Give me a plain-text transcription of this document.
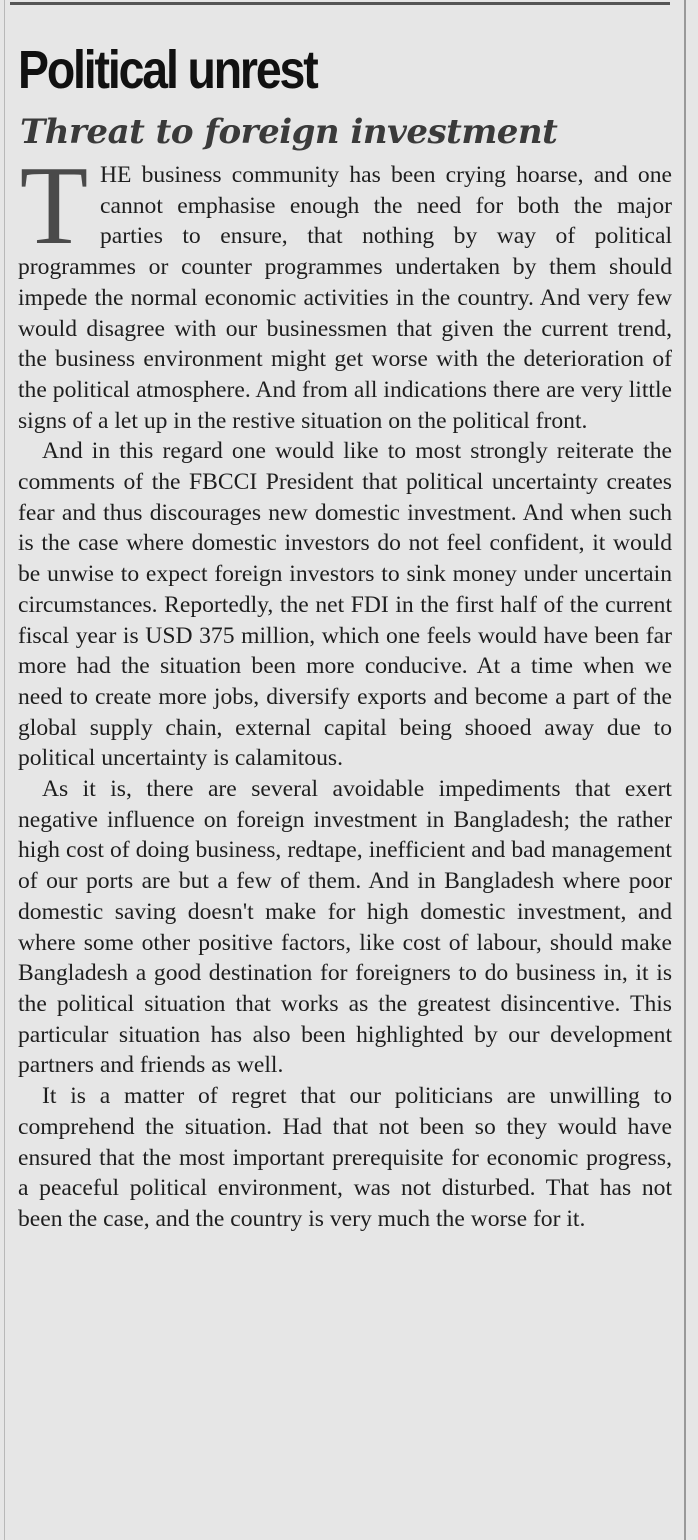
Political unrest
Threat to foreign investment

THE business community has been crying hoarse, and one cannot emphasise enough the need for both the major parties to ensure, that nothing by way of political programmes or counter programmes undertaken by them should impede the normal economic activities in the country. And very few would disagree with our businessmen that given the current trend, the business environment might get worse with the deterioration of the political atmosphere. And from all indications there are very little signs of a let up in the restive situation on the political front.

And in this regard one would like to most strongly reiterate the comments of the FBCCI President that political uncertainty creates fear and thus discourages new domestic investment. And when such is the case where domestic investors do not feel confident, it would be unwise to expect foreign investors to sink money under uncertain circumstances. Reportedly, the net FDI in the first half of the current fiscal year is USD 375 million, which one feels would have been far more had the situation been more conducive. At a time when we need to create more jobs, diversify exports and become a part of the global supply chain, external capital being shooed away due to political uncertainty is calamitous.

As it is, there are several avoidable impediments that exert negative influence on foreign investment in Bangladesh; the rather high cost of doing business, redtape, inefficient and bad management of our ports are but a few of them. And in Bangladesh where poor domestic saving doesn't make for high domestic investment, and where some other positive factors, like cost of labour, should make Bangladesh a good destination for foreigners to do business in, it is the political situation that works as the greatest disincentive. This particular situation has also been highlighted by our development partners and friends as well.

It is a matter of regret that our politicians are unwilling to comprehend the situation. Had that not been so they would have ensured that the most important prerequisite for economic progress, a peaceful political environment, was not disturbed. That has not been the case, and the country is very much the worse for it.
